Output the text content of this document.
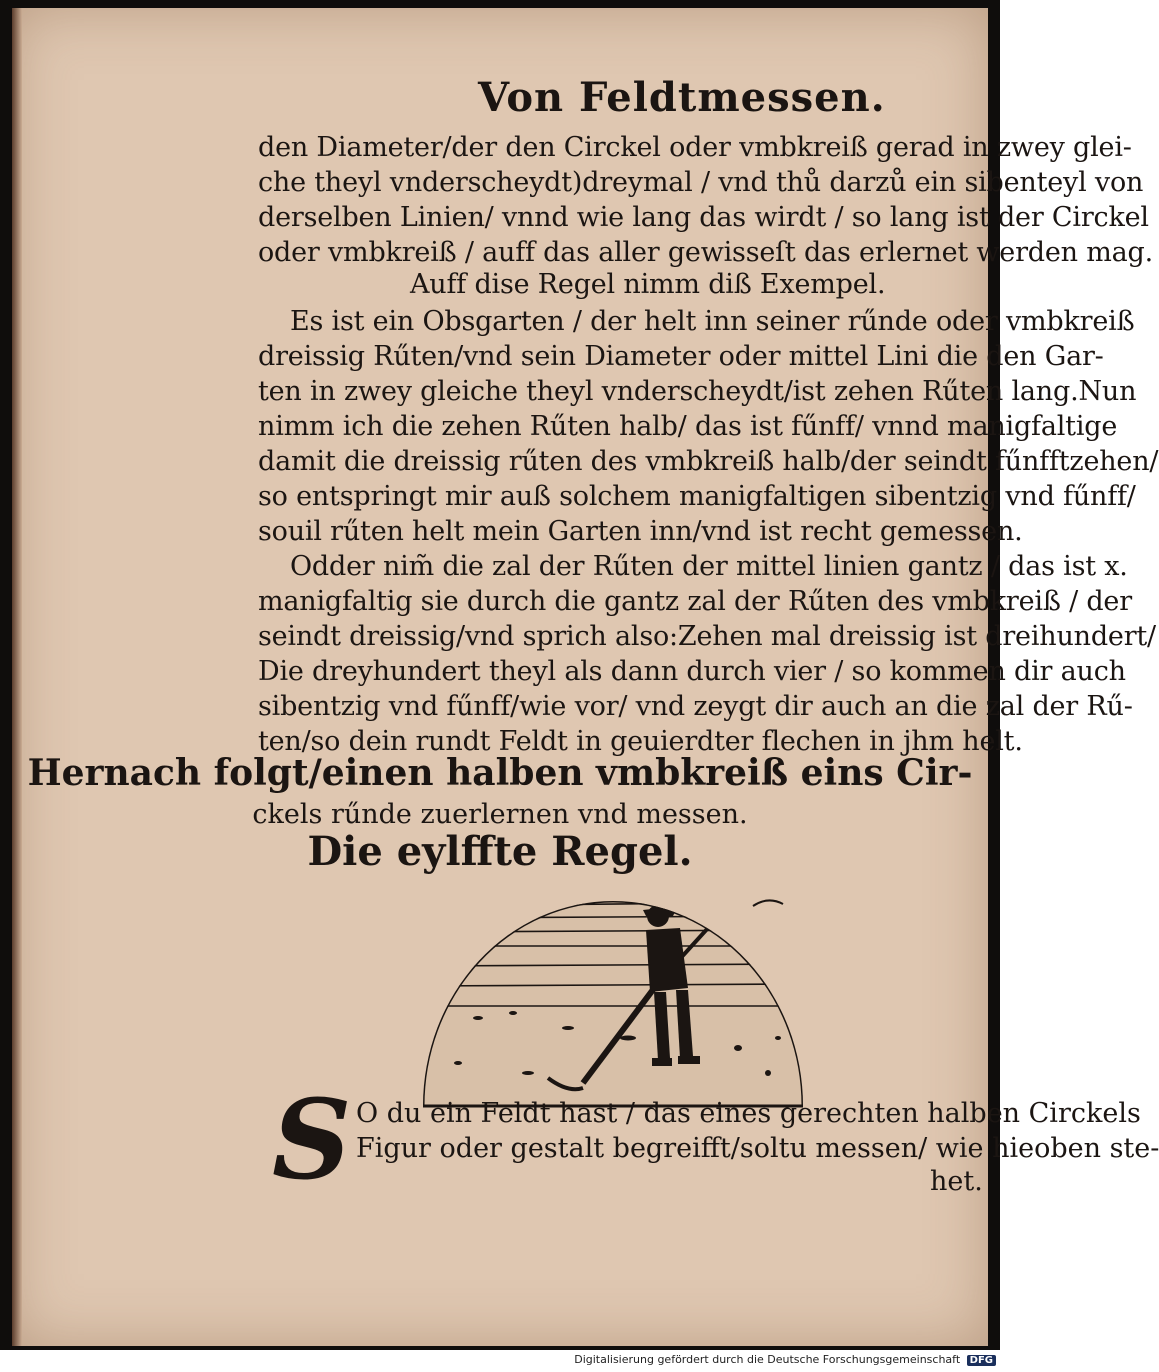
Von Feldtmessen.
den Diameter/der den Circkel oder vmbkreiß gerad in zwey glei-
che theyl vnderscheydt)dreymal / vnd thů darzů ein sibenteyl von
derselben Linien/ vnnd wie lang das wirdt / so lang ist der Circkel
oder vmbkreiß / auff das aller gewisseſt das erlernet werden mag.
Auff dise Regel nimm diß Exempel.
Es ist ein Obsgarten / der helt inn seiner rűnde oder vmbkreiß
dreissig Rűten/vnd sein Diameter oder mittel Lini die den Gar-
ten in zwey gleiche theyl vnderscheydt/ist zehen Rűten lang.Nun
nimm ich die zehen Rűten halb/ das ist fűnff/ vnnd manigfaltige
damit die dreissig rűten des vmbkreiß halb/der seindt fűnfftzehen/
so entspringt mir auß solchem manigfaltigen sibentzig vnd fűnff/
souil rűten helt mein Garten inn/vnd ist recht gemessen.
Odder nim̃ die zal der Rűten der mittel linien gantz / das ist x.
manigfaltig sie durch die gantz zal der Rűten des vmbkreiß / der
seindt dreissig/vnd sprich also:Zehen mal dreissig ist dreihundert/
Die dreyhundert theyl als dann durch vier / so kommen dir auch
sibentzig vnd fűnff/wie vor/ vnd zeygt dir auch an die zal der Rű-
ten/so dein rundt Feldt in geuierdter flechen in jhm helt.
Hernach folgt/einen halben vmbkreiß eins Cir-
ckels rűnde zuerlernen vnd messen.
Die eylffte Regel.
S O du ein Feldt hast / das eines gerechten halben Circkels
Figur oder gestalt begreifft/soltu messen/ wie hieoben ste-
het.
Digitalisierung gefördert durch die Deutsche Forschungsgemeinschaft DFG
